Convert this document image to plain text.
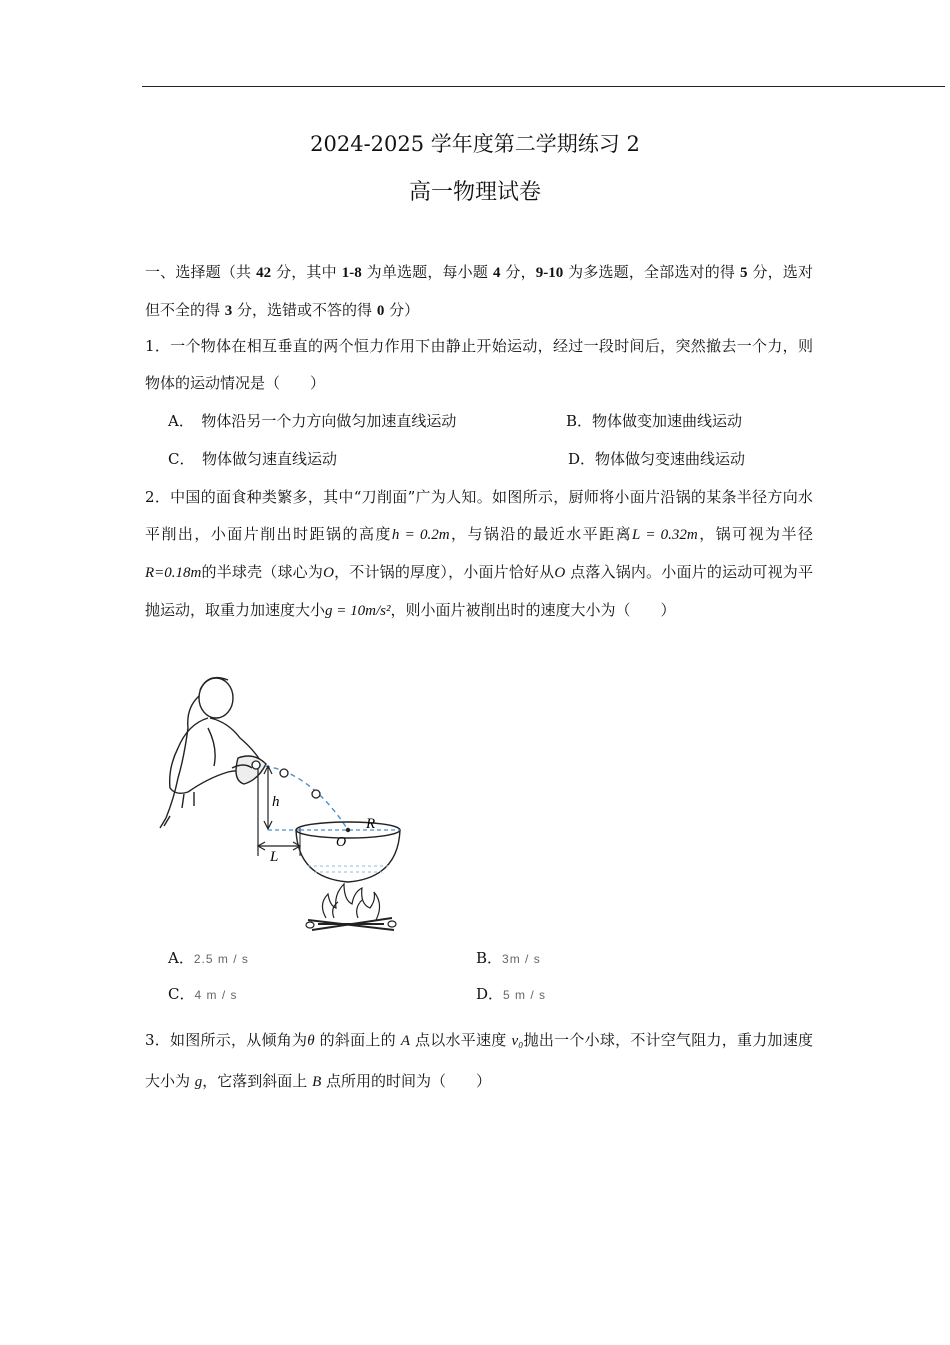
2024-2025 学年度第二学期练习 2
高一物理试卷
一、选择题（共 42 分，其中 1-8 为单选题，每小题 4 分，9-10 为多选题，全部选对的得 5 分，选对但不全的得 3 分，选错或不答的得 0 分）
1．一个物体在相互垂直的两个恒力作用下由静止开始运动，经过一段时间后，突然撤去一个力，则物体的运动情况是（　　）
A．　物体沿另一个力方向做匀加速直线运动	B．物体做变加速曲线运动
C．　物体做匀速直线运动	D．物体做匀变速曲线运动
2．中国的面食种类繁多，其中“刀削面”广为人知。如图所示，厨师将小面片沿锅的某条半径方向水平削出，小面片削出时距锅的高度h = 0.2m，与锅沿的最近水平距离L = 0.32m，锅可视为半径R=0.18m的半球壳（球心为O，不计锅的厚度），小面片恰好从O 点落入锅内。小面片的运动可视为平抛运动，取重力加速度大小g = 10m/s²，则小面片被削出时的速度大小为（　　）
h
L
O
R
A．2.5 m / s	B．3m / s
C．4 m / s	D．5 m / s
3．如图所示，从倾角为θ 的斜面上的 A 点以水平速度 v₀抛出一个小球，不计空气阻力，重力加速度大小为 g，它落到斜面上 B 点所用的时间为（　　）
